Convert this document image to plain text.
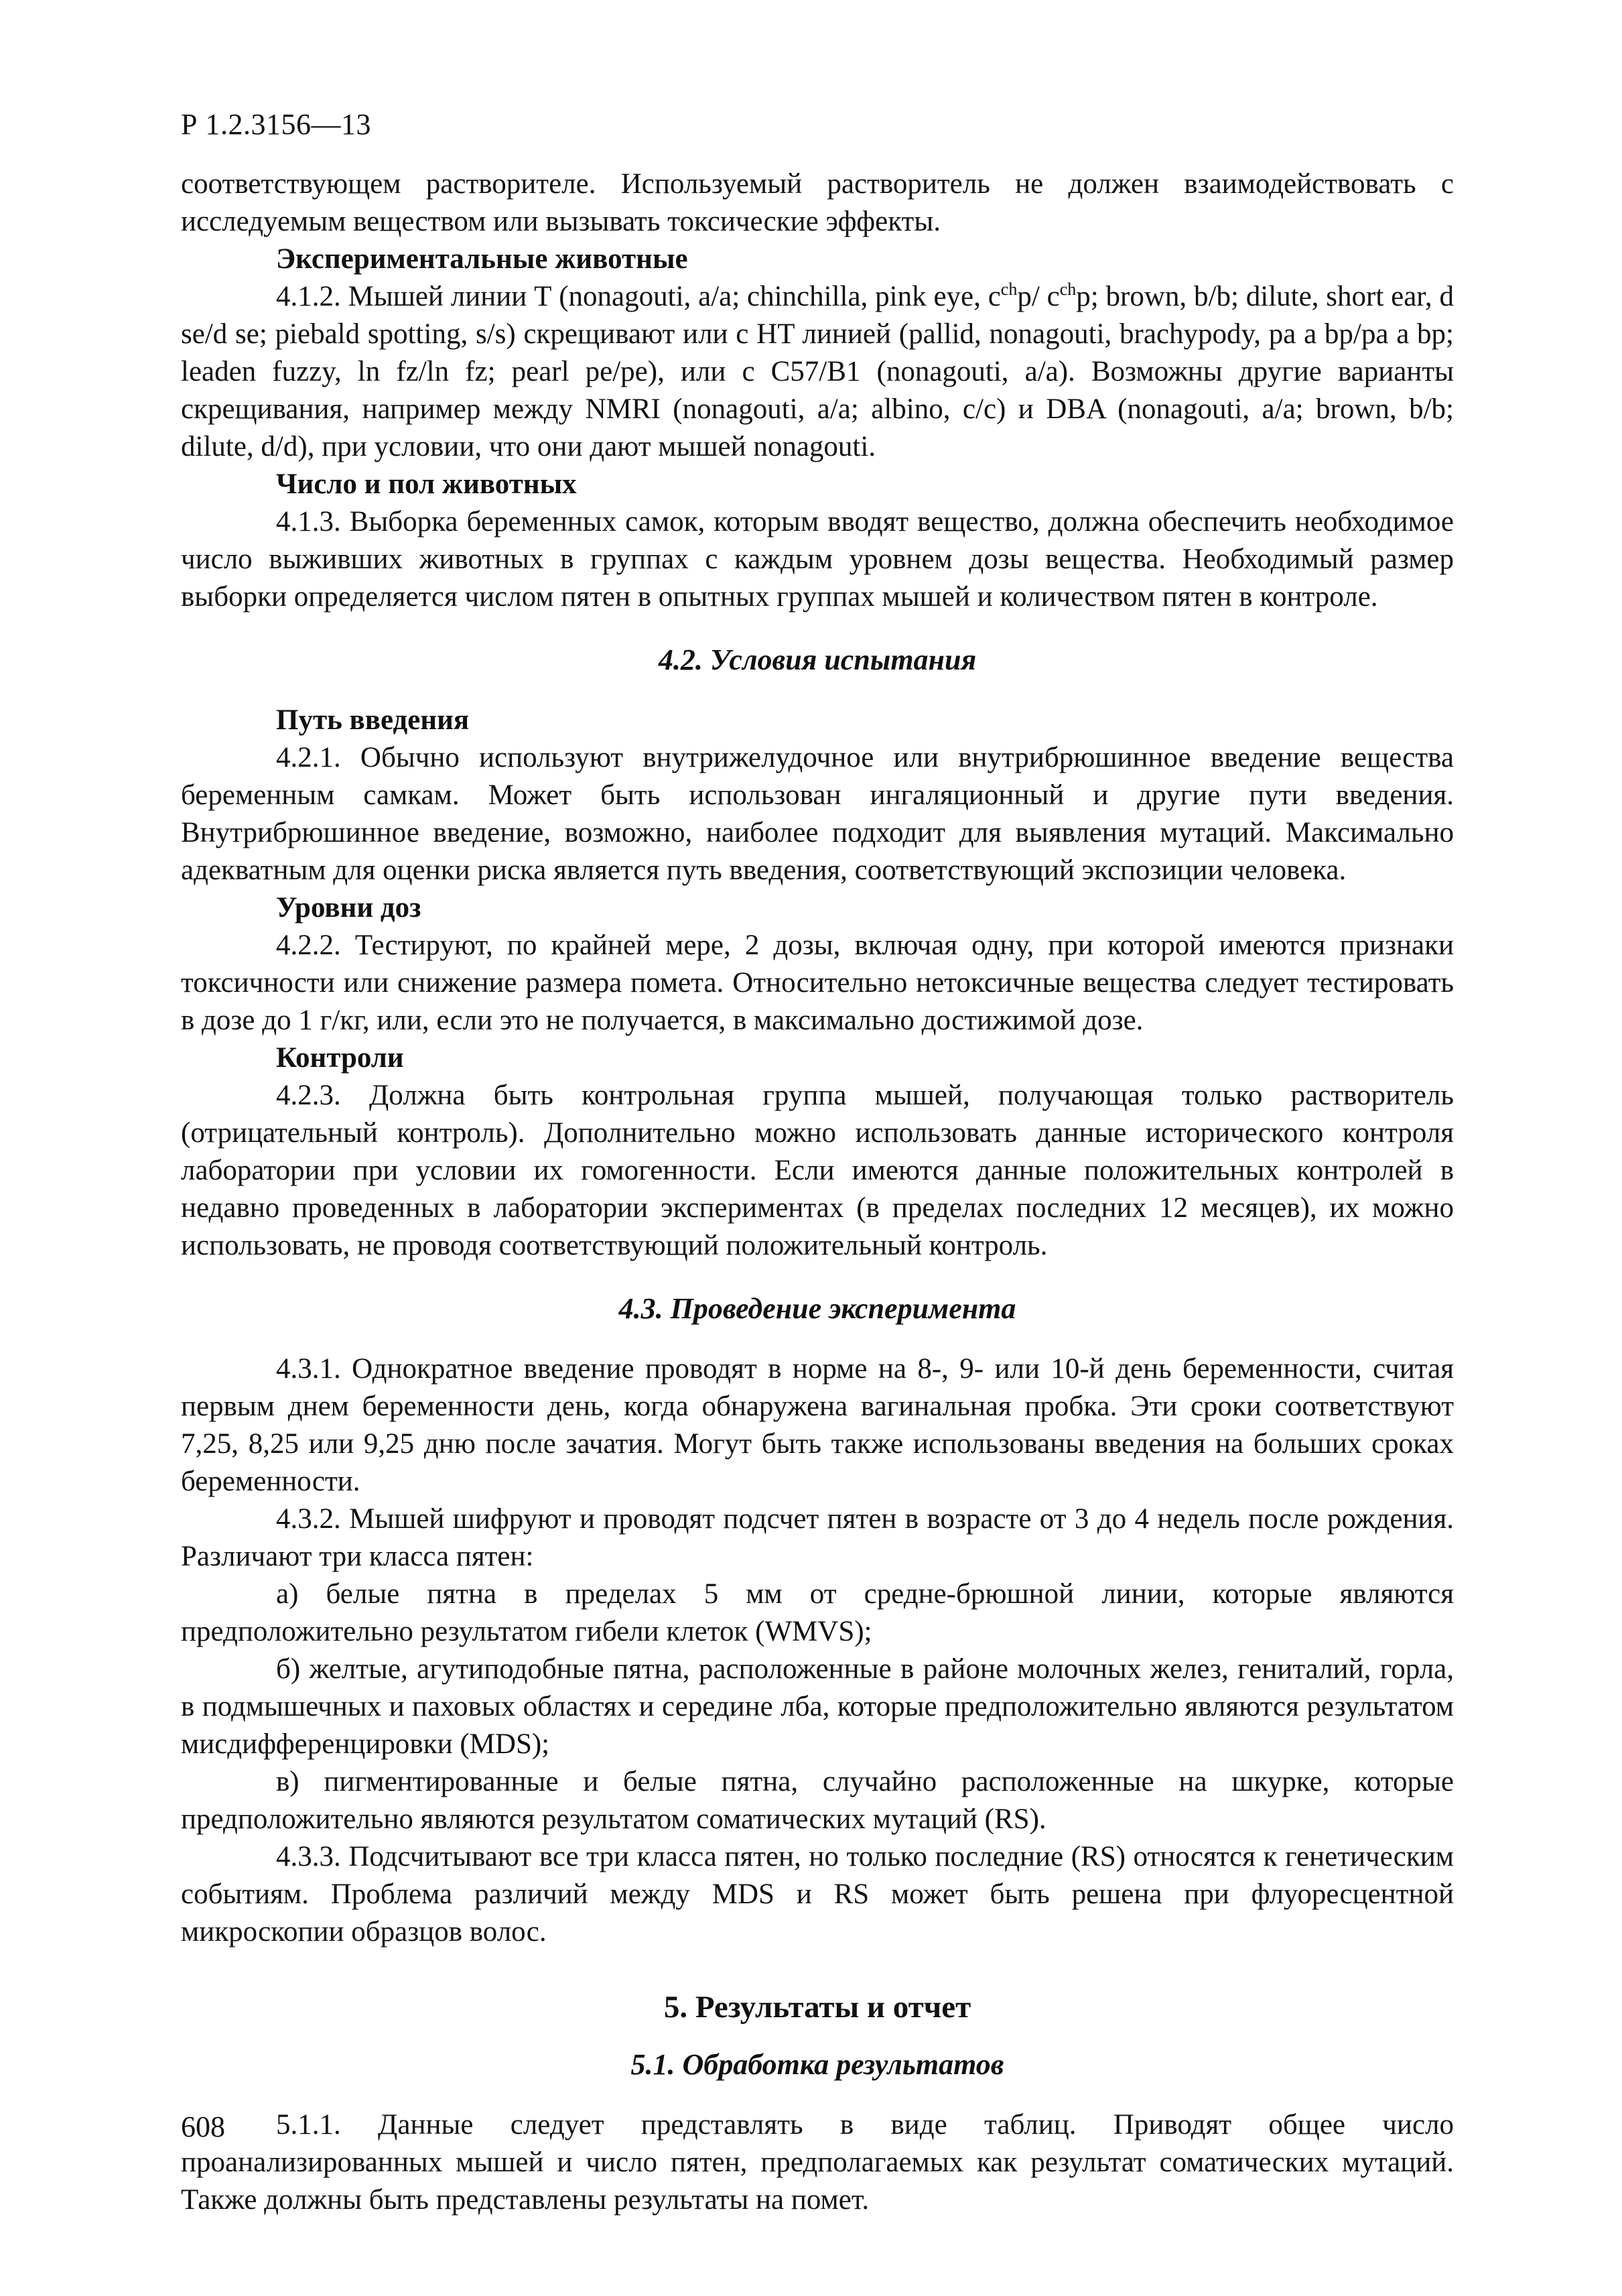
Р 1.2.3156—13

соответствующем растворителе. Используемый растворитель не должен взаимодействовать с исследуемым веществом или вызывать токсические эффекты.

Экспериментальные животные

4.1.2. Мышей линии Т (nonagouti, a/a; chinchilla, pink eye, $c^{ch}p/$ $c^{ch}p$; brown, b/b; dilute, short ear, d se/d se; piebald spotting, s/s) скрещивают или с HT линией (pallid, nonagouti, brachypody, pa a bp/pa a bp; leaden fuzzy, ln fz/ln fz; pearl pe/pe), или с C57/B1 (nonagouti, a/a). Возможны другие варианты скрещивания, например между NMRI (nonagouti, a/a; albino, c/c) и DBA (nonagouti, a/a; brown, b/b; dilute, d/d), при условии, что они дают мышей nonagouti.

Число и пол животных

4.1.3. Выборка беременных самок, которым вводят вещество, должна обеспечить необходимое число выживших животных в группах с каждым уровнем дозы вещества. Необходимый размер выборки определяется числом пятен в опытных группах мышей и количеством пятен в контроле.

4.2. Условия испытания

Путь введения

4.2.1. Обычно используют внутрижелудочное или внутрибрюшинное введение вещества беременным самкам. Может быть использован ингаляционный и другие пути введения. Внутрибрюшинное введение, возможно, наиболее подходит для выявления мутаций. Максимально адекватным для оценки риска является путь введения, соответствующий экспозиции человека.

Уровни доз

4.2.2. Тестируют, по крайней мере, 2 дозы, включая одну, при которой имеются признаки токсичности или снижение размера помета. Относительно нетоксичные вещества следует тестировать в дозе до 1 г/кг, или, если это не получается, в максимально достижимой дозе.

Контроли

4.2.3. Должна быть контрольная группа мышей, получающая только растворитель (отрицательный контроль). Дополнительно можно использовать данные исторического контроля лаборатории при условии их гомогенности. Если имеются данные положительных контролей в недавно проведенных в лаборатории экспериментах (в пределах последних 12 месяцев), их можно использовать, не проводя соответствующий положительный контроль.

4.3. Проведение эксперимента

4.3.1. Однократное введение проводят в норме на 8-, 9- или 10-й день беременности, считая первым днем беременности день, когда обнаружена вагинальная пробка. Эти сроки соответствуют 7,25, 8,25 или 9,25 дню после зачатия. Могут быть также использованы введения на больших сроках беременности.

4.3.2. Мышей шифруют и проводят подсчет пятен в возрасте от 3 до 4 недель после рождения. Различают три класса пятен:

а) белые пятна в пределах 5 мм от средне-брюшной линии, которые являются предположительно результатом гибели клеток (WMVS);

б) желтые, агутиподобные пятна, расположенные в районе молочных желез, гениталий, горла, в подмышечных и паховых областях и середине лба, которые предположительно являются результатом мисдифференцировки (MDS);

в) пигментированные и белые пятна, случайно расположенные на шкурке, которые предположительно являются результатом соматических мутаций (RS).

4.3.3. Подсчитывают все три класса пятен, но только последние (RS) относятся к генетическим событиям. Проблема различий между MDS и RS может быть решена при флуоресцентной микроскопии образцов волос.

5. Результаты и отчет

5.1. Обработка результатов

5.1.1. Данные следует представлять в виде таблиц. Приводят общее число проанализированных мышей и число пятен, предполагаемых как результат соматических мутаций. Также должны быть представлены результаты на помет.

608
